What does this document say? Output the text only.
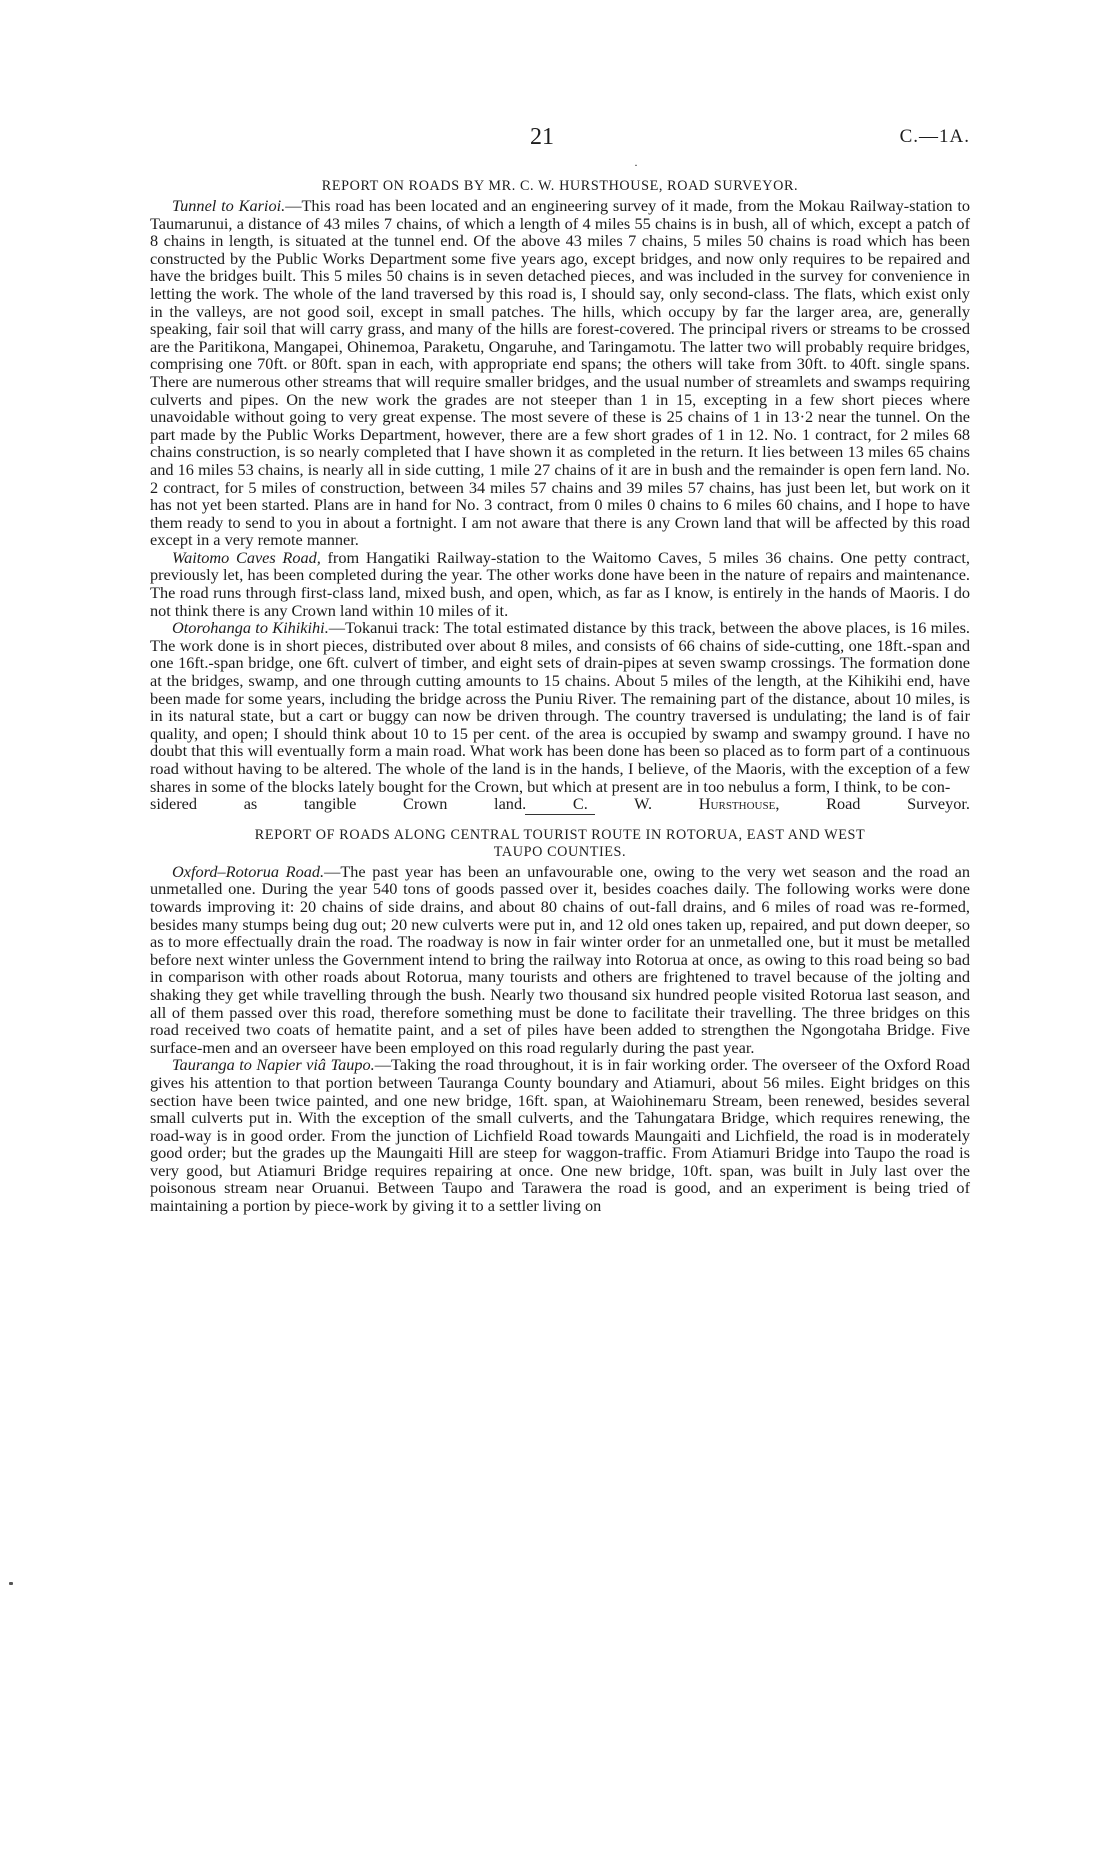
21	C.—1A.
·
REPORT ON ROADS BY MR. C. W. HURSTHOUSE, ROAD SURVEYOR.

Tunnel to Karioi.—This road has been located and an engineering survey of it made, from the Mokau Railway-station to Taumarunui, a distance of 43 miles 7 chains, of which a length of 4 miles 55 chains is in bush, all of which, except a patch of 8 chains in length, is situated at the tunnel end. Of the above 43 miles 7 chains, 5 miles 50 chains is road which has been constructed by the Public Works Department some five years ago, except bridges, and now only requires to be repaired and have the bridges built. This 5 miles 50 chains is in seven detached pieces, and was included in the survey for convenience in letting the work. The whole of the land traversed by this road is, I should say, only second-class. The flats, which exist only in the valleys, are not good soil, except in small patches. The hills, which occupy by far the larger area, are, generally speaking, fair soil that will carry grass, and many of the hills are forest-covered. The principal rivers or streams to be crossed are the Paritikona, Mangapei, Ohinemoa, Paraketu, Ongaruhe, and Taringamotu. The latter two will probably require bridges, comprising one 70ft. or 80ft. span in each, with appropriate end spans; the others will take from 30ft. to 40ft. single spans. There are numerous other streams that will require smaller bridges, and the usual number of streamlets and swamps requiring culverts and pipes. On the new work the grades are not steeper than 1 in 15, excepting in a few short pieces where unavoidable without going to very great expense. The most severe of these is 25 chains of 1 in 13·2 near the tunnel. On the part made by the Public Works Department, however, there are a few short grades of 1 in 12. No. 1 contract, for 2 miles 68 chains construction, is so nearly completed that I have shown it as completed in the return. It lies between 13 miles 65 chains and 16 miles 53 chains, is nearly all in side cutting, 1 mile 27 chains of it are in bush and the remainder is open fern land. No. 2 contract, for 5 miles of construction, between 34 miles 57 chains and 39 miles 57 chains, has just been let, but work on it has not yet been started. Plans are in hand for No. 3 contract, from 0 miles 0 chains to 6 miles 60 chains, and I hope to have them ready to send to you in about a fortnight. I am not aware that there is any Crown land that will be affected by this road except in a very remote manner.

Waitomo Caves Road, from Hangatiki Railway-station to the Waitomo Caves, 5 miles 36 chains. One petty contract, previously let, has been completed during the year. The other works done have been in the nature of repairs and maintenance. The road runs through first-class land, mixed bush, and open, which, as far as I know, is entirely in the hands of Maoris. I do not think there is any Crown land within 10 miles of it.

Otorohanga to Kihikihi.—Tokanui track: The total estimated distance by this track, between the above places, is 16 miles. The work done is in short pieces, distributed over about 8 miles, and consists of 66 chains of side-cutting, one 18ft.-span and one 16ft.-span bridge, one 6ft. culvert of timber, and eight sets of drain-pipes at seven swamp crossings. The formation done at the bridges, swamp, and one through cutting amounts to 15 chains. About 5 miles of the length, at the Kihikihi end, have been made for some years, including the bridge across the Puniu River. The remaining part of the distance, about 10 miles, is in its natural state, but a cart or buggy can now be driven through. The country traversed is undulating; the land is of fair quality, and open; I should think about 10 to 15 per cent. of the area is occupied by swamp and swampy ground. I have no doubt that this will eventually form a main road. What work has been done has been so placed as to form part of a continuous road without having to be altered. The whole of the land is in the hands, I believe, of the Maoris, with the exception of a few shares in some of the blocks lately bought for the Crown, but which at present are in too nebulus a form, I think, to be con-

sidered as tangible Crown land.	C. W. Hursthouse, Road Surveyor.

REPORT OF ROADS ALONG CENTRAL TOURIST ROUTE IN ROTORUA, EAST AND WEST
TAUPO COUNTIES.

Oxford–Rotorua Road.—The past year has been an unfavourable one, owing to the very wet season and the road an unmetalled one. During the year 540 tons of goods passed over it, besides coaches daily. The following works were done towards improving it: 20 chains of side drains, and about 80 chains of out-fall drains, and 6 miles of road was re-formed, besides many stumps being dug out; 20 new culverts were put in, and 12 old ones taken up, repaired, and put down deeper, so as to more effectually drain the road. The roadway is now in fair winter order for an unmetalled one, but it must be metalled before next winter unless the Government intend to bring the railway into Rotorua at once, as owing to this road being so bad in comparison with other roads about Rotorua, many tourists and others are frightened to travel because of the jolting and shaking they get while travelling through the bush. Nearly two thousand six hundred people visited Rotorua last season, and all of them passed over this road, therefore something must be done to facilitate their travelling. The three bridges on this road received two coats of hematite paint, and a set of piles have been added to strengthen the Ngongotaha Bridge. Five surface-men and an overseer have been employed on this road regularly during the past year.

Tauranga to Napier viâ Taupo.—Taking the road throughout, it is in fair working order. The overseer of the Oxford Road gives his attention to that portion between Tauranga County boundary and Atiamuri, about 56 miles. Eight bridges on this section have been twice painted, and one new bridge, 16ft. span, at Waiohinemaru Stream, been renewed, besides several small culverts put in. With the exception of the small culverts, and the Tahungatara Bridge, which requires renewing, the road-way is in good order. From the junction of Lichfield Road towards Maungaiti and Lichfield, the road is in moderately good order; but the grades up the Maungaiti Hill are steep for waggon-traffic. From Atiamuri Bridge into Taupo the road is very good, but Atiamuri Bridge requires repairing at once. One new bridge, 10ft. span, was built in July last over the poisonous stream near Oruanui. Between Taupo and Tarawera the road is good, and an experiment is being tried of maintaining a portion by piece-work by giving it to a settler living on
